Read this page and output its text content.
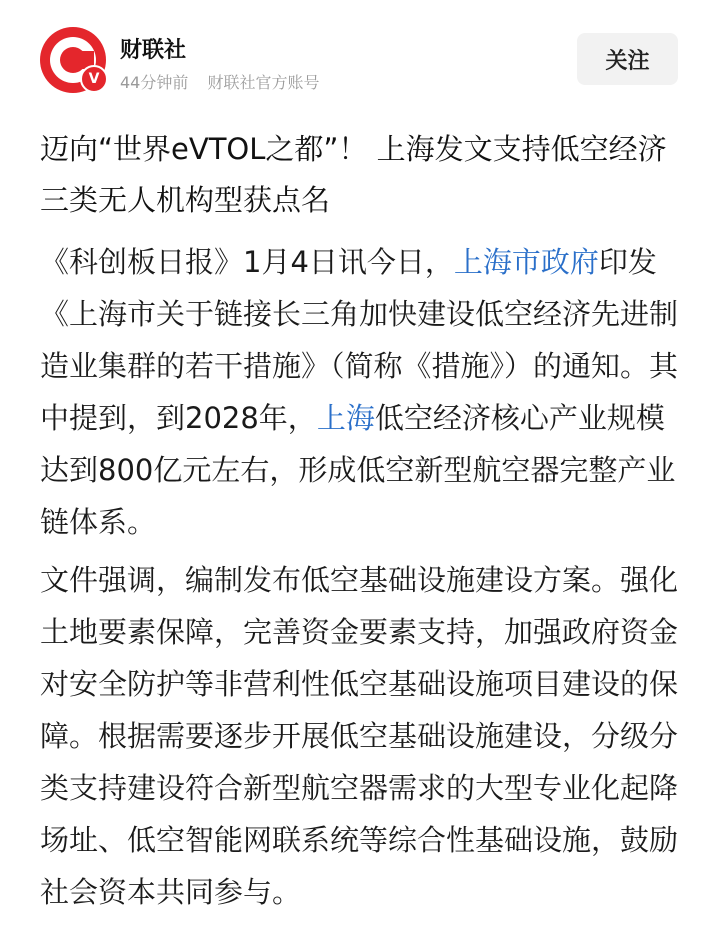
V
财联社
44分钟前 财联社官方账号
关注
迈向“世界eVTOL之都”！ 上海发文支持低空经济 三类无人机构型获点名

《科创板日报》1月4日讯今日，上海市政府印发《上海市关于链接长三角加快建设低空经济先进制造业集群的若干措施》（简称《措施》）的通知。其中提到，到2028年，上海低空经济核心产业规模达到800亿元左右，形成低空新型航空器完整产业链体系。

文件强调，编制发布低空基础设施建设方案。强化土地要素保障，完善资金要素支持，加强政府资金对安全防护等非营利性低空基础设施项目建设的保障。根据需要逐步开展低空基础设施建设，分级分类支持建设符合新型航空器需求的大型专业化起降场址、低空智能网联系统等综合性基础设施，鼓励社会资本共同参与。
